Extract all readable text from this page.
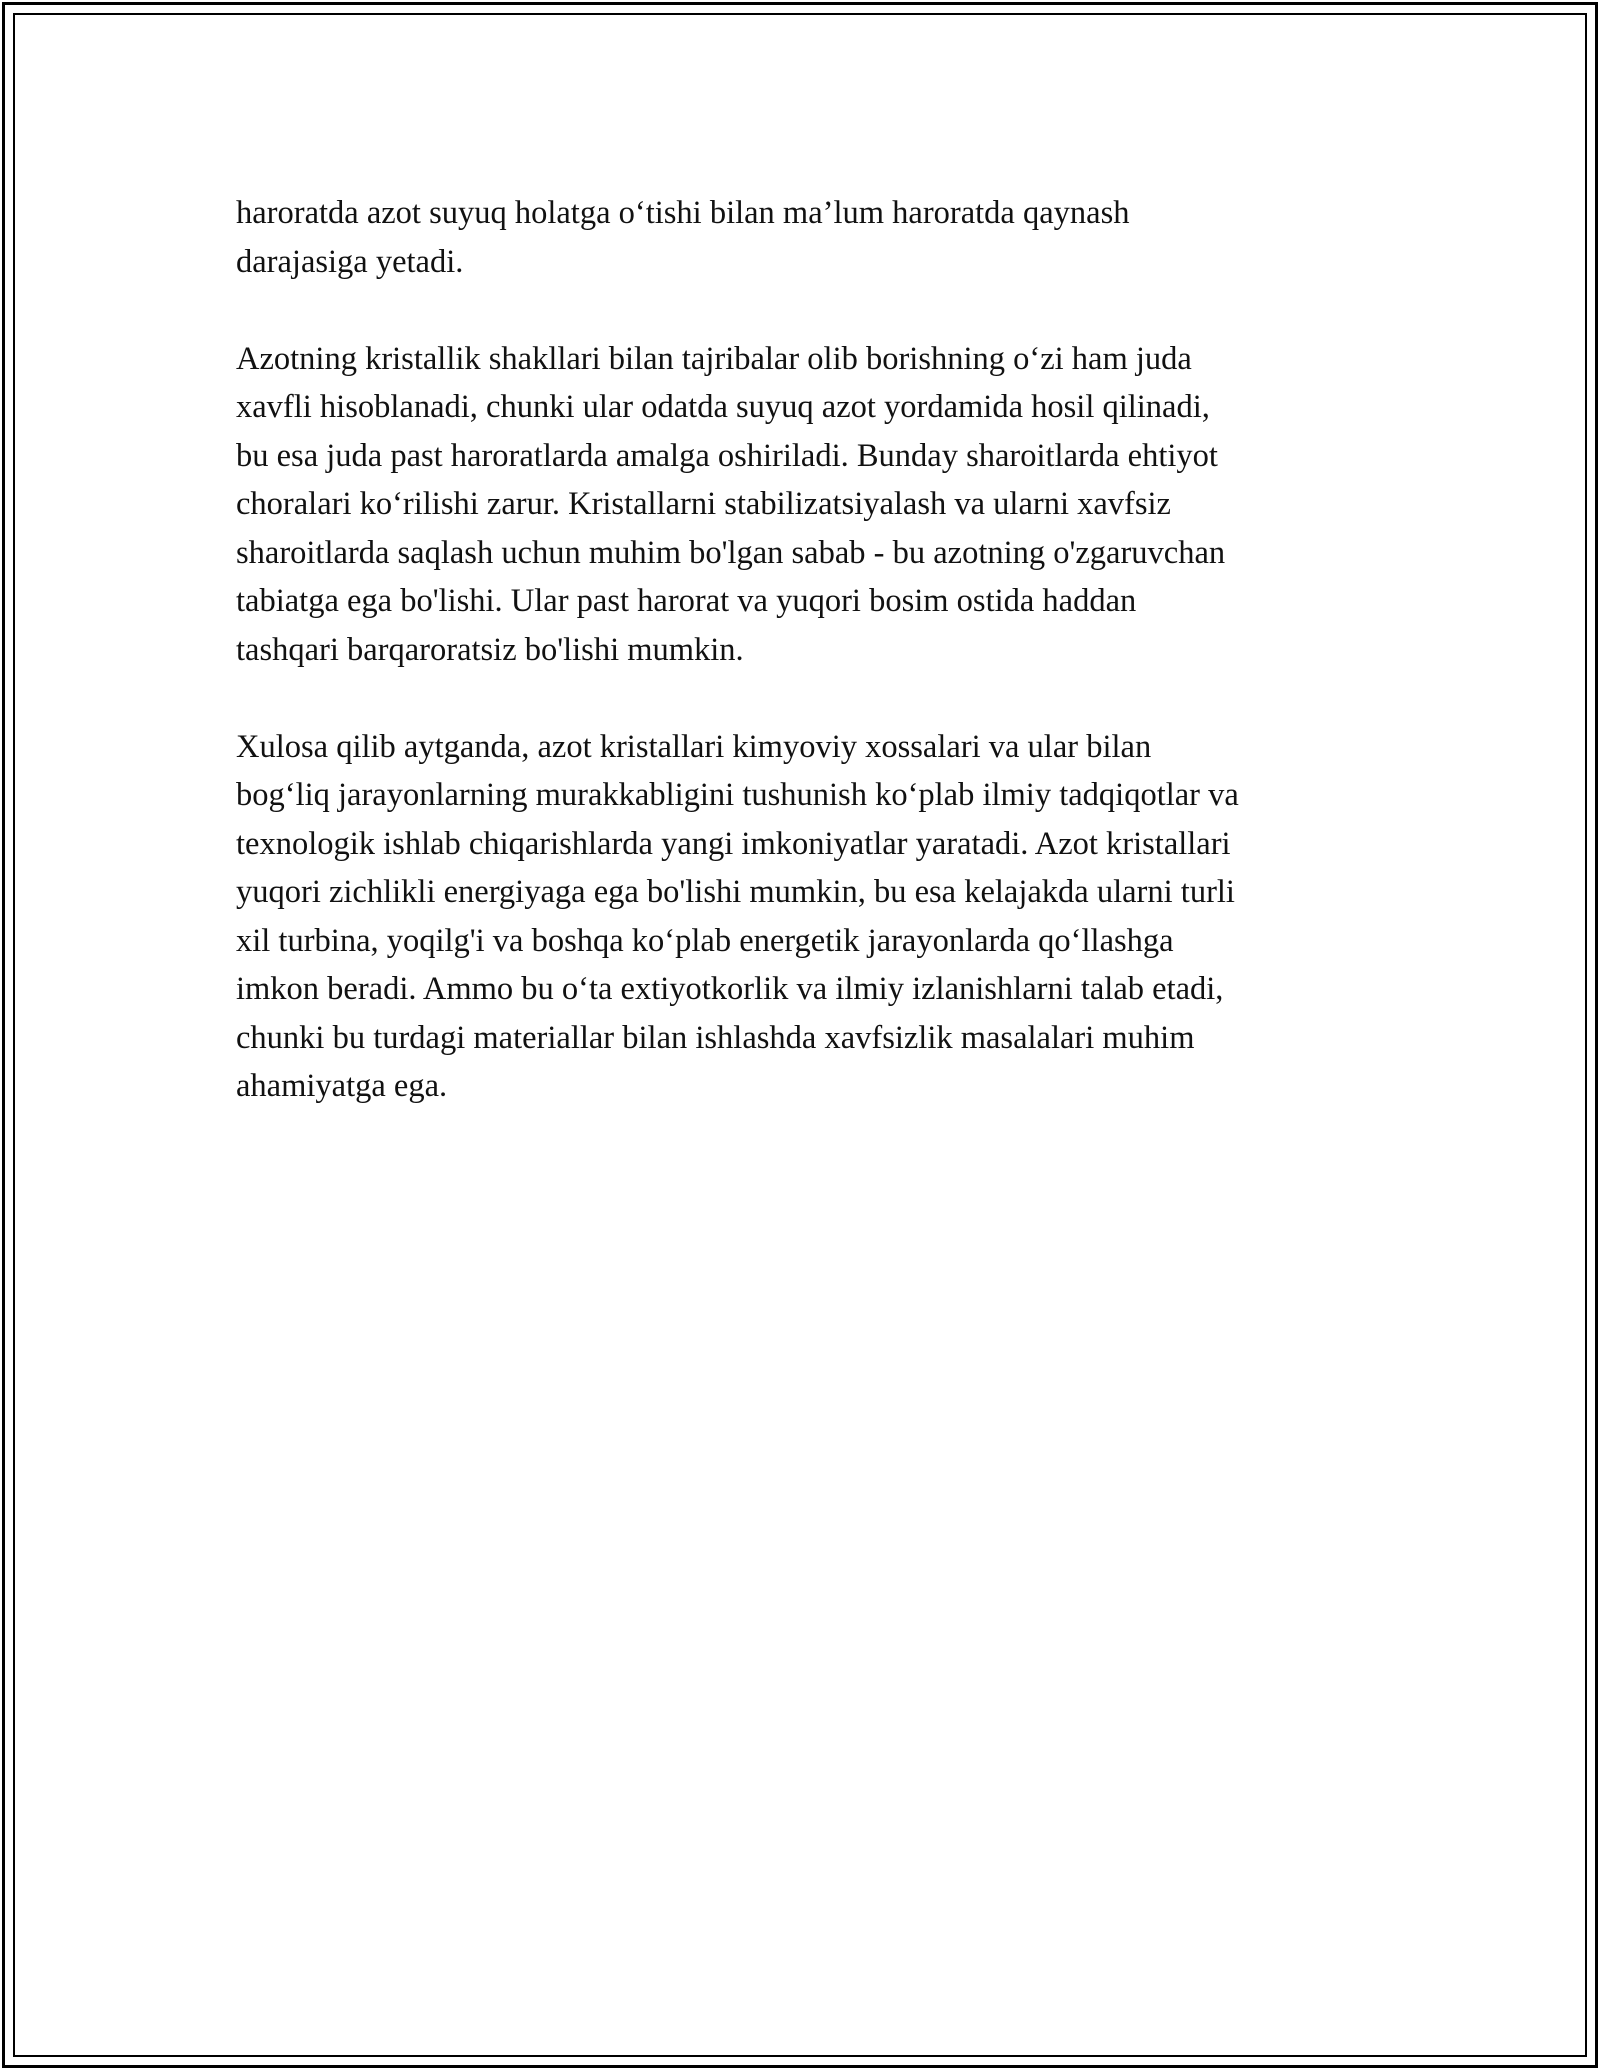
haroratda azot suyuq holatga o‘tishi bilan ma’lum haroratda qaynash
darajasiga yetadi.

Azotning kristallik shakllari bilan tajribalar olib borishning o‘zi ham juda
xavfli hisoblanadi, chunki ular odatda suyuq azot yordamida hosil qilinadi,
bu esa juda past haroratlarda amalga oshiriladi. Bunday sharoitlarda ehtiyot
choralari ko‘rilishi zarur. Kristallarni stabilizatsiyalash va ularni xavfsiz
sharoitlarda saqlash uchun muhim bo'lgan sabab - bu azotning o'zgaruvchan
tabiatga ega bo'lishi. Ular past harorat va yuqori bosim ostida haddan
tashqari barqaroratsiz bo'lishi mumkin.

Xulosa qilib aytganda, azot kristallari kimyoviy xossalari va ular bilan
bog‘liq jarayonlarning murakkabligini tushunish ko‘plab ilmiy tadqiqotlar va
texnologik ishlab chiqarishlarda yangi imkoniyatlar yaratadi. Azot kristallari
yuqori zichlikli energiyaga ega bo'lishi mumkin, bu esa kelajakda ularni turli
xil turbina, yoqilg'i va boshqa ko‘plab energetik jarayonlarda qo‘llashga
imkon beradi. Ammo bu o‘ta extiyotkorlik va ilmiy izlanishlarni talab etadi,
chunki bu turdagi materiallar bilan ishlashda xavfsizlik masalalari muhim
ahamiyatga ega.
